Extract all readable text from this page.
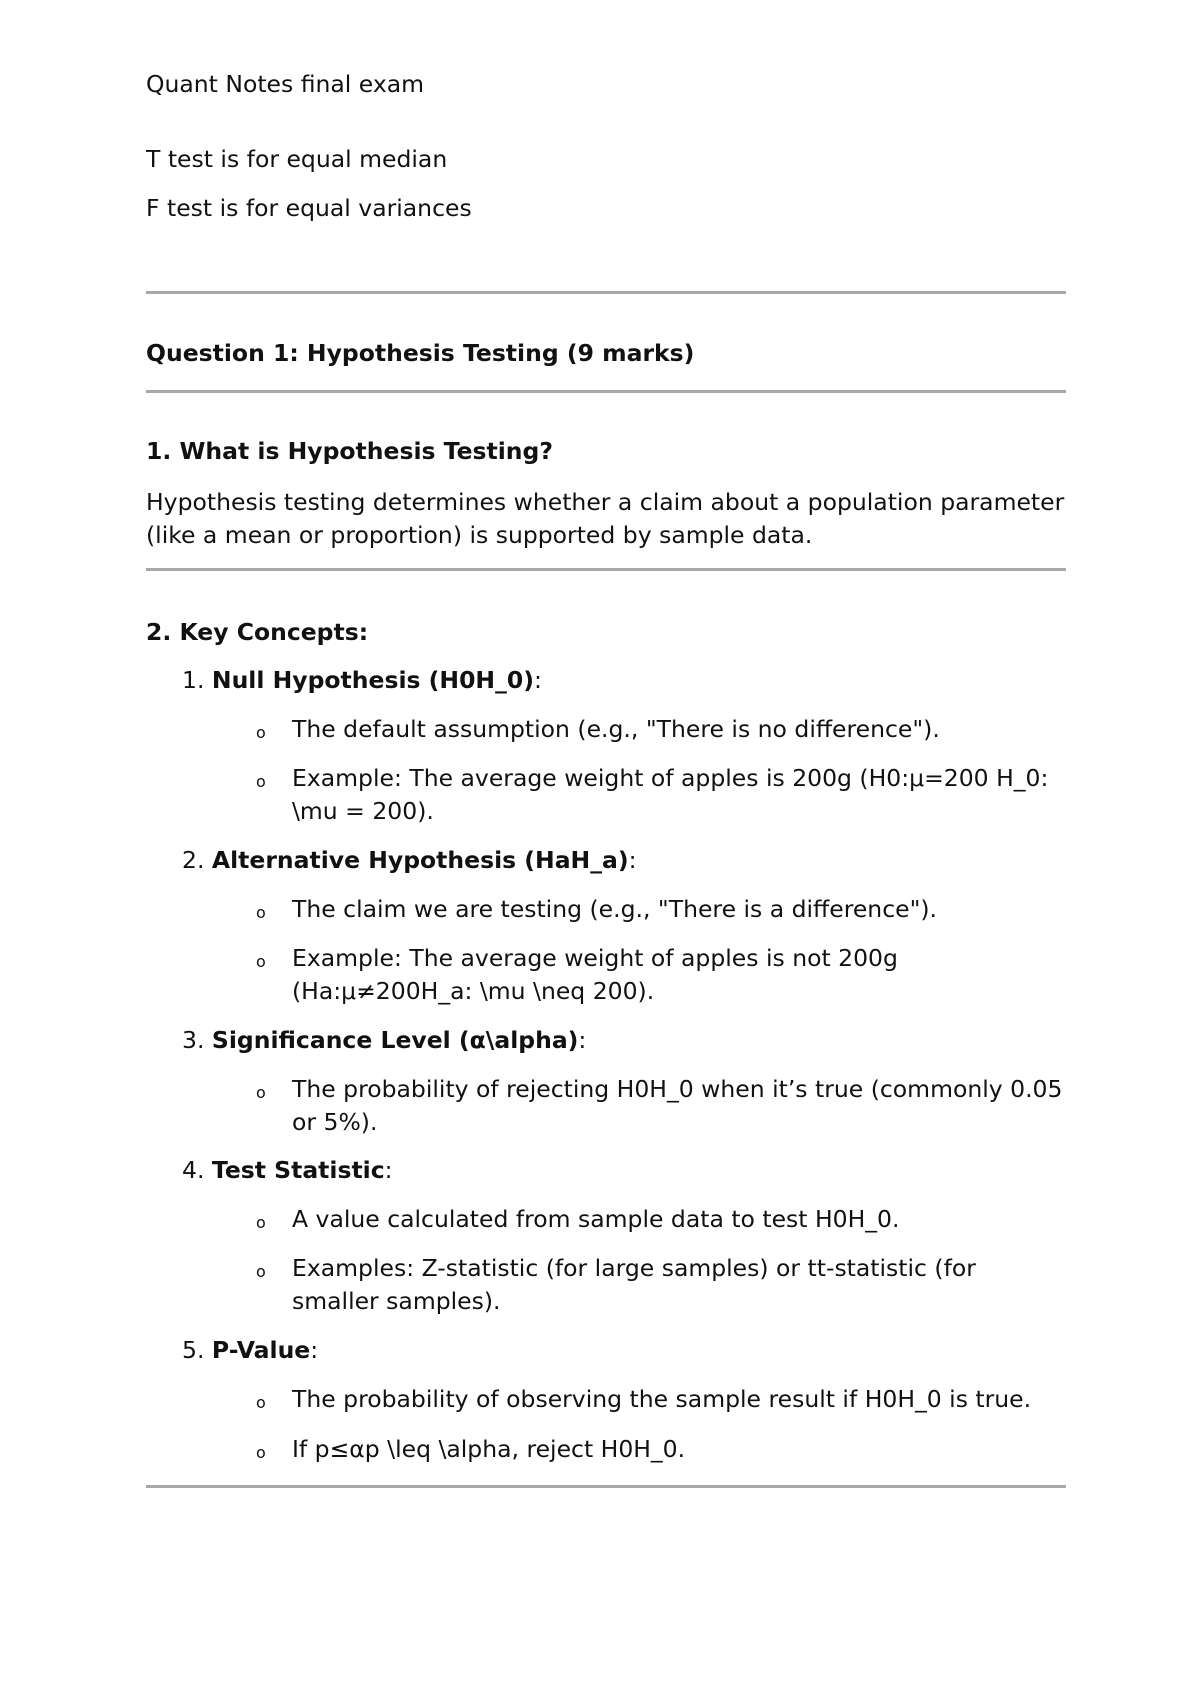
Quant Notes final exam
T test is for equal median
F test is for equal variances
Question 1: Hypothesis Testing (9 marks)
1. What is Hypothesis Testing?
Hypothesis testing determines whether a claim about a population parameter (like a mean or proportion) is supported by sample data.
2. Key Concepts:
1. Null Hypothesis (H0H_0):
o The default assumption (e.g., "There is no difference").
o Example: The average weight of apples is 200g (H0:μ=200 H_0: \mu = 200).
2. Alternative Hypothesis (HaH_a):
o The claim we are testing (e.g., "There is a difference").
o Example: The average weight of apples is not 200g (Ha:μ≠200H_a: \mu \neq 200).
3. Significance Level (α\alpha):
o The probability of rejecting H0H_0 when it’s true (commonly 0.05 or 5%).
4. Test Statistic:
o A value calculated from sample data to test H0H_0.
o Examples: Z-statistic (for large samples) or tt-statistic (for smaller samples).
5. P-Value:
o The probability of observing the sample result if H0H_0 is true.
o If p≤αp \leq \alpha, reject H0H_0.
